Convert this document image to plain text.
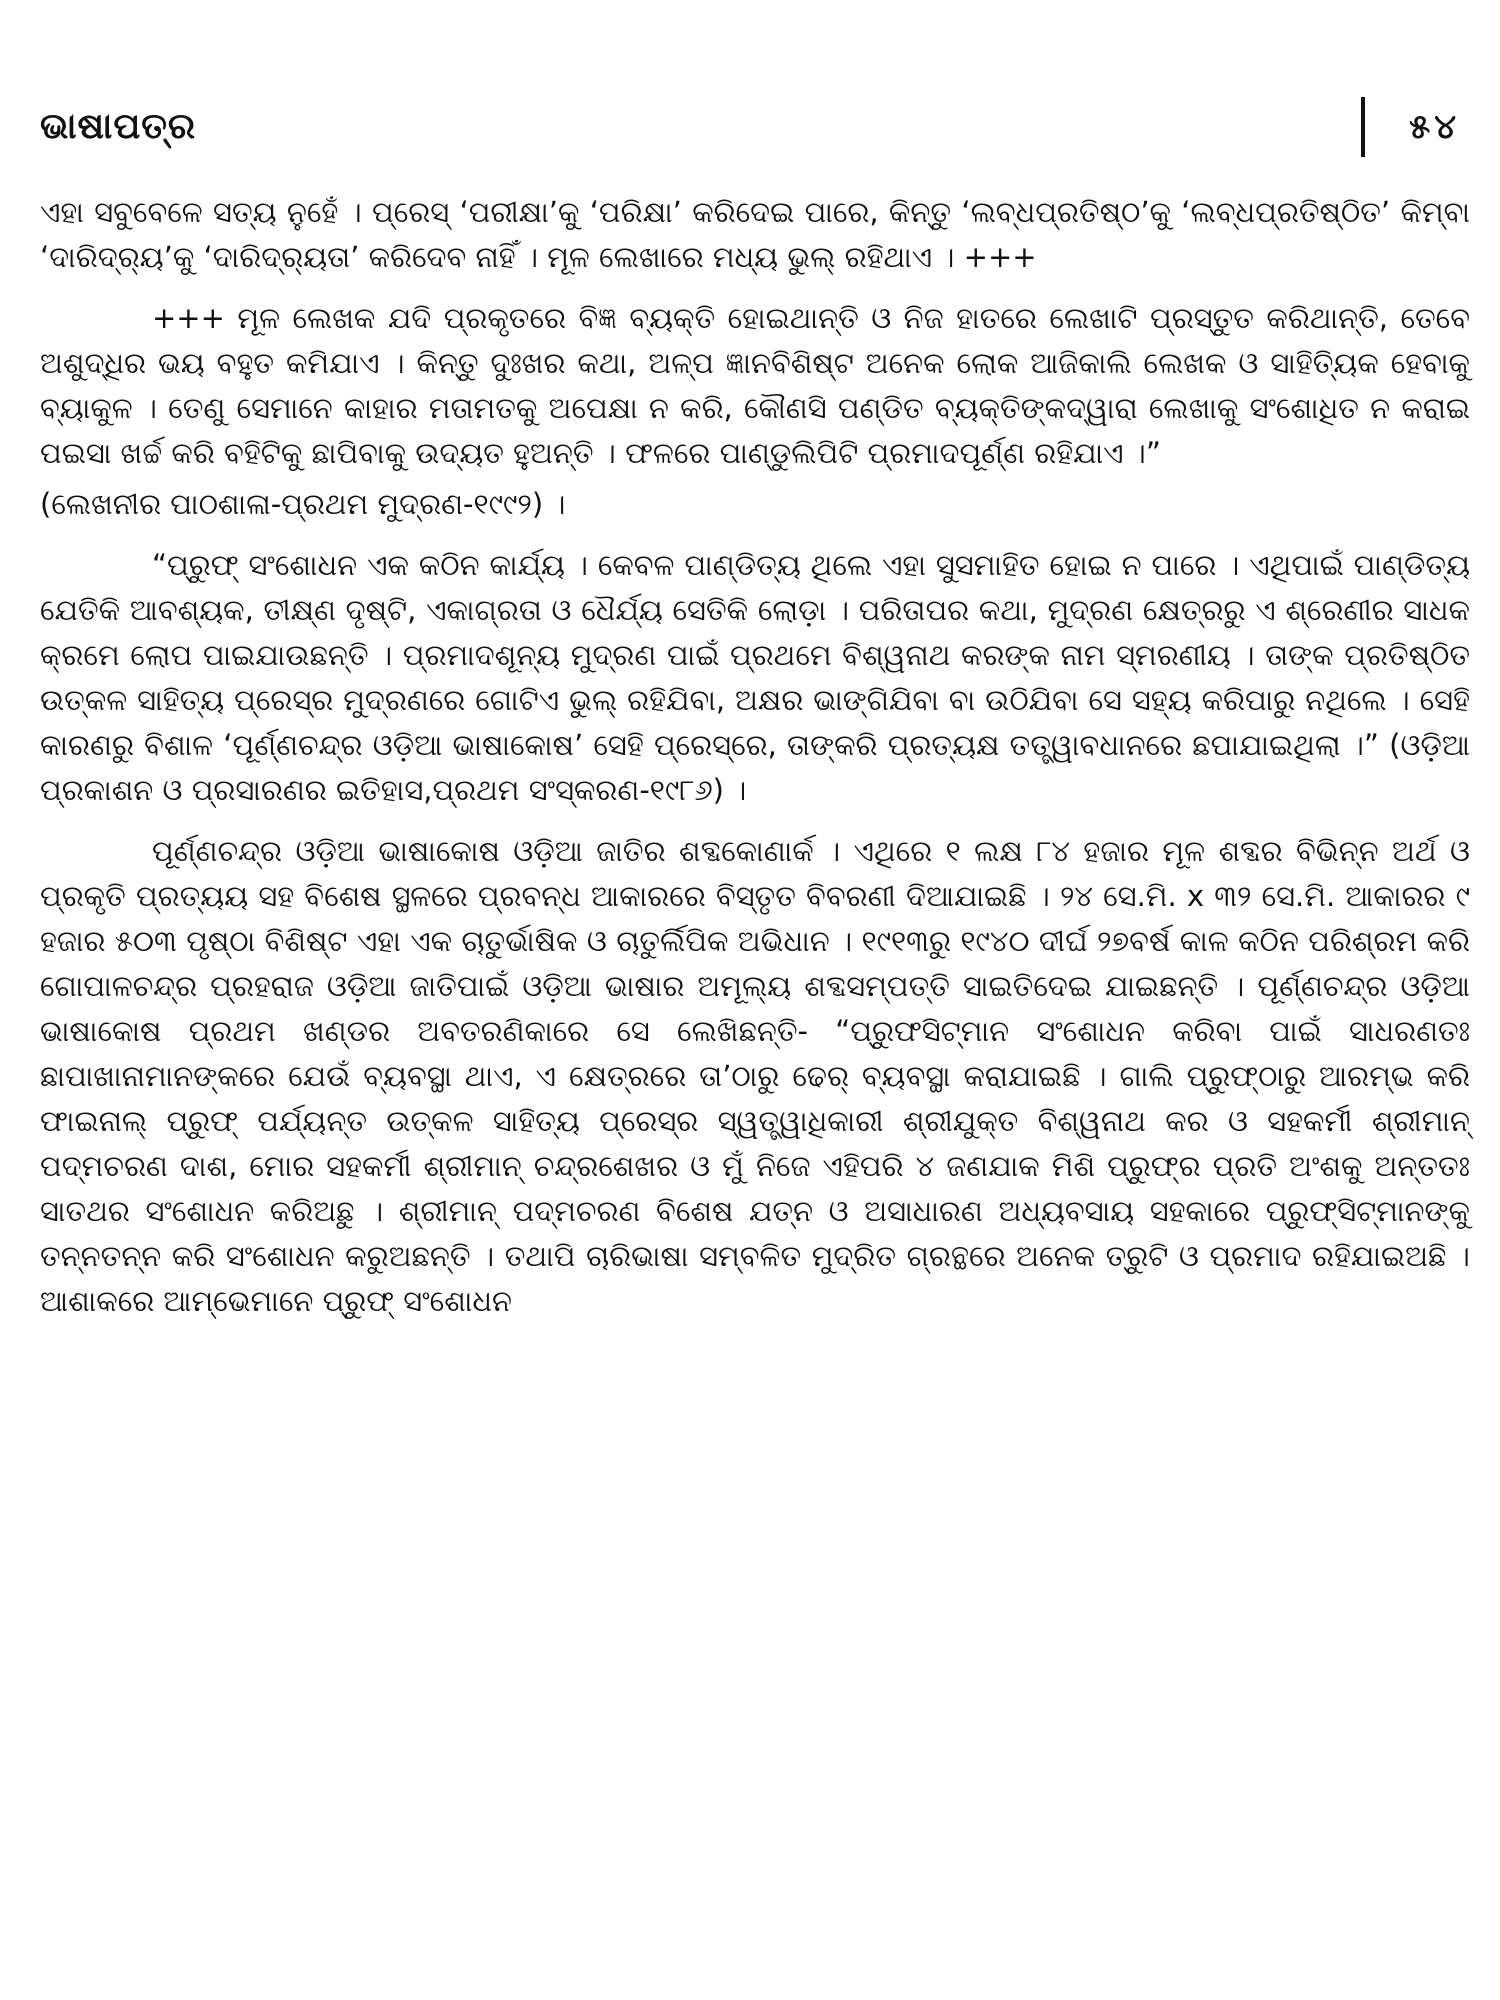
ଭାଷାପତ୍ର	୫୪

ଏହା ସବୁବେଳେ ସତ୍ୟ ନୁହେଁ । ପ୍ରେସ୍ ‘ପରୀକ୍ଷା’କୁ ‘ପରିକ୍ଷା’ କରିଦେଇ ପାରେ, କିନ୍ତୁ ‘ଲବ୍ଧପ୍ରତିଷ୍ଠ’କୁ ‘ଲବ୍ଧପ୍ରତିଷ୍ଠିତ’ କିମ୍ବା ‘ଦାରିଦ୍ର୍ୟ’କୁ ‘ଦାରିଦ୍ର୍ୟତା’ କରିଦେବ ନାହିଁ । ମୂଳ ଲେଖାରେ ମଧ୍ୟ ଭୁଲ୍ ରହିଥାଏ । +++

+++ ମୂଳ ଲେଖକ ଯଦି ପ୍ରକୃତରେ ବିଜ୍ଞ ବ୍ୟକ୍ତି ହୋଇଥାନ୍ତି ଓ ନିଜ ହାତରେ ଲେଖାଟି ପ୍ରସ୍ତୁତ କରିଥାନ୍ତି, ତେବେ ଅଶୁଦ୍ଧିର ଭୟ ବହୁତ କମିଯାଏ । କିନ୍ତୁ ଦୁଃଖର କଥା, ଅଳ୍ପ ଜ୍ଞାନବିଶିଷ୍ଟ ଅନେକ ଲୋକ ଆଜିକାଲି ଲେଖକ ଓ ସାହିତ୍ୟିକ ହେବାକୁ ବ୍ୟାକୁଳ । ତେଣୁ ସେମାନେ କାହାର ମତାମତକୁ ଅପେକ୍ଷା ନ କରି, କୌଣସି ପଣ୍ଡିତ ବ୍ୟକ୍ତିଙ୍କଦ୍ୱାରା ଲେଖାକୁ ସଂଶୋଧିତ ନ କରାଇ ପଇସା ଖର୍ଚ୍ଚ କରି ବହିଟିକୁ ଛାପିବାକୁ ଉଦ୍ୟତ ହୁଅନ୍ତି । ଫଳରେ ପାଣ୍ଡୁଲିପିଟି ପ୍ରମାଦପୂର୍ଣ୍ଣ ରହିଯାଏ ।”

(ଲେଖନୀର ପାଠଶାଳା-ପ୍ରଥମ ମୁଦ୍ରଣ-୧୯୯୨) ।

“ପ୍ରୁଫ୍ ସଂଶୋଧନ ଏକ କଠିନ କାର୍ଯ୍ୟ । କେବଳ ପାଣ୍ଡିତ୍ୟ ଥିଲେ ଏହା ସୁସମାହିତ ହୋଇ ନ ପାରେ । ଏଥିପାଇଁ ପାଣ୍ଡିତ୍ୟ ଯେତିକି ଆବଶ୍ୟକ, ତୀକ୍ଷ୍ଣ ଦୃଷ୍ଟି, ଏକାଗ୍ରତା ଓ ଧୈର୍ଯ୍ୟ ସେତିକି ଲୋଡ଼ା । ପରିତାପର କଥା, ମୁଦ୍ରଣ କ୍ଷେତ୍ରରୁ ଏ ଶ୍ରେଣୀର ସାଧକ କ୍ରମେ ଲୋପ ପାଇଯାଉଛନ୍ତି । ପ୍ରମାଦଶୂନ୍ୟ ମୁଦ୍ରଣ ପାଇଁ ପ୍ରଥମେ ବିଶ୍ୱନାଥ କରଙ୍କ ନାମ ସ୍ମରଣୀୟ । ତାଙ୍କ ପ୍ରତିଷ୍ଠିତ ଉତ୍କଳ ସାହିତ୍ୟ ପ୍ରେସ୍‌ର ମୁଦ୍ରଣରେ ଗୋଟିଏ ଭୁଲ୍ ରହିଯିବା, ଅକ୍ଷର ଭାଙ୍ଗିଯିବା ବା ଉଠିଯିବା ସେ ସହ୍ୟ କରିପାରୁ ନଥିଲେ । ସେହି କାରଣରୁ ବିଶାଳ ‘ପୂର୍ଣ୍ଣଚନ୍ଦ୍ର ଓଡ଼ିଆ ଭାଷାକୋଷ’ ସେହି ପ୍ରେସ୍‌ରେ, ତାଙ୍କରି ପ୍ରତ୍ୟକ୍ଷ ତତ୍ତ୍ୱାବଧାନରେ ଛପାଯାଇଥିଲା ।” (ଓଡ଼ିଆ ପ୍ରକାଶନ ଓ ପ୍ରସାରଣର ଇତିହାସ,ପ୍ରଥମ ସଂସ୍କରଣ-୧୯୮୬) ।

ପୂର୍ଣ୍ଣଚନ୍ଦ୍ର ଓଡ଼ିଆ ଭାଷାକୋଷ ଓଡ଼ିଆ ଜାତିର ଶବ୍ଦକୋଣାର୍କ । ଏଥିରେ ୧ ଲକ୍ଷ ୮୪ ହଜାର ମୂଳ ଶବ୍ଦର ବିଭିନ୍ନ ଅର୍ଥ ଓ ପ୍ରକୃତି ପ୍ରତ୍ୟୟ ସହ ବିଶେଷ ସ୍ଥଳରେ ପ୍ରବନ୍ଧ ଆକାରରେ ବିସ୍ତୃତ ବିବରଣୀ ଦିଆଯାଇଛି । ୨୪ ସେ.ମି. x ୩୨ ସେ.ମି. ଆକାରର ୯ ହଜାର ୫୦୩ ପୃଷ୍ଠା ବିଶିଷ୍ଟ ଏହା ଏକ ଚାତୁର୍ଭାଷିକ ଓ ଚାତୁର୍ଲିପିକ ଅଭିଧାନ । ୧୯୧୩ରୁ ୧୯୪୦ ଦୀର୍ଘ ୨୭ବର୍ଷ କାଳ କଠିନ ପରିଶ୍ରମ କରି ଗୋପାଳଚନ୍ଦ୍ର ପ୍ରହରାଜ ଓଡ଼ିଆ ଜାତିପାଇଁ ଓଡ଼ିଆ ଭାଷାର ଅମୂଲ୍ୟ ଶବ୍ଦସମ୍ପତ୍ତି ସାଇତିଦେଇ ଯାଇଛନ୍ତି । ପୂର୍ଣ୍ଣଚନ୍ଦ୍ର ଓଡ଼ିଆ ଭାଷାକୋଷ ପ୍ରଥମ ଖଣ୍ଡର ଅବତରଣିକାରେ ସେ ଲେଖିଛନ୍ତି- “ପ୍ରୁଫସିଟ୍‌ମାନ ସଂଶୋଧନ କରିବା ପାଇଁ ସାଧରଣତଃ ଛାପାଖାନାମାନଙ୍କରେ ଯେଉଁ ବ୍ୟବସ୍ଥା ଥାଏ, ଏ କ୍ଷେତ୍ରରେ ତା’ଠାରୁ ଢେର୍ ବ୍ୟବସ୍ଥା କରାଯାଇଛି । ଗାଲି ପ୍ରୁଫ୍‌ଠାରୁ ଆରମ୍ଭ କରି ଫାଇନାଲ୍ ପ୍ରୁଫ୍ ପର୍ଯ୍ୟନ୍ତ ଉତ୍କଳ ସାହିତ୍ୟ ପ୍ରେସ୍‌ର ସ୍ୱତ୍ତ୍ୱାଧିକାରୀ ଶ୍ରୀଯୁକ୍ତ ବିଶ୍ୱନାଥ କର ଓ ସହକର୍ମୀ ଶ୍ରୀମାନ୍ ପଦ୍ମଚରଣ ଦାଶ, ମୋର ସହକର୍ମୀ ଶ୍ରୀମାନ୍ ଚନ୍ଦ୍ରଶେଖର ଓ ମୁଁ ନିଜେ ଏହିପରି ୪ ଜଣଯାକ ମିଶି ପ୍ରୁଫ୍‌ର ପ୍ରତି ଅଂଶକୁ ଅନ୍ତତଃ ସାତଥର ସଂଶୋଧନ କରିଅଛୁ । ଶ୍ରୀମାନ୍ ପଦ୍ମଚରଣ ବିଶେଷ ଯତ୍ନ ଓ ଅସାଧାରଣ ଅଧ୍ୟବସାୟ ସହକାରେ ପ୍ରୁଫ୍‌ସିଟ୍‌ମାନଙ୍କୁ ତନ୍ନତନ୍ନ କରି ସଂଶୋଧନ କରୁଅଛନ୍ତି । ତଥାପି ଚାରିଭାଷା ସମ୍ବଳିତ ମୁଦ୍ରିତ ଗ୍ରନ୍ଥରେ ଅନେକ ତ୍ରୁଟି ଓ ପ୍ରମାଦ ରହିଯାଇଅଛି । ଆଶାକରେ ଆମ୍ଭେମାନେ ପ୍ରୁଫ୍ ସଂଶୋଧନ
